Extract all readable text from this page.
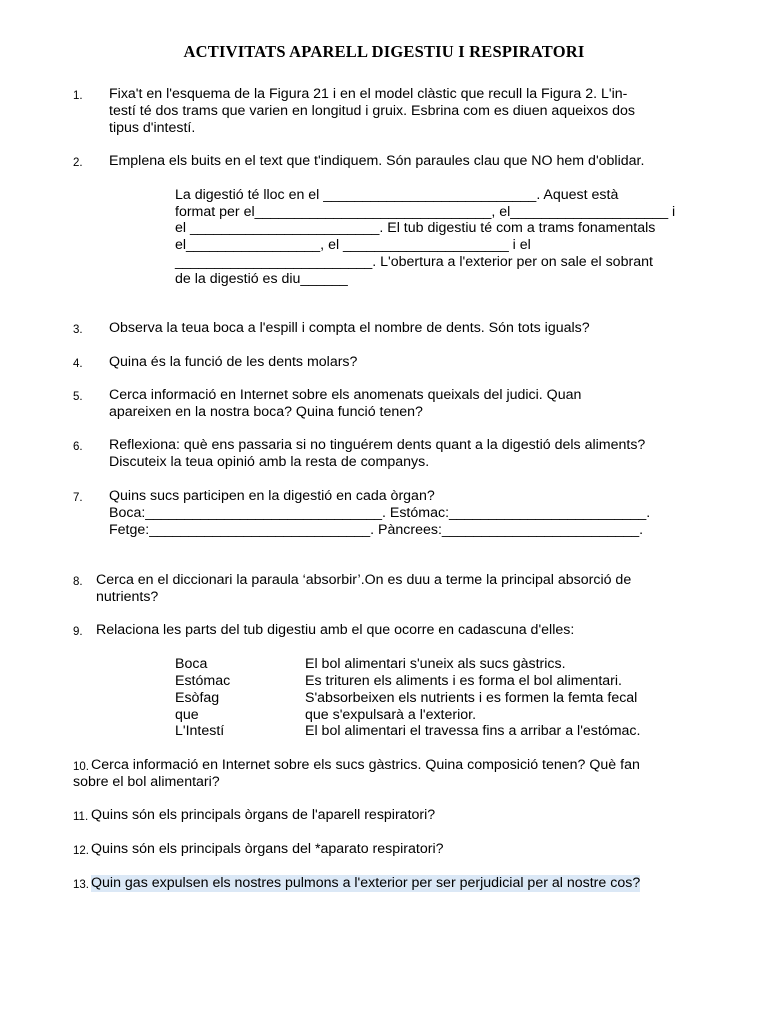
ACTIVITATS APARELL DIGESTIU I RESPIRATORI
1. Fixa't en l'esquema de la Figura 21 i en el model clàstic que recull la Figura 2. L'in-
testí té dos trams que varien en longitud i gruix. Esbrina com es diuen aqueixos dos
tipus d'intestí.
2. Emplena els buits en el text que t'indiquem. Són paraules clau que NO hem d'oblidar.
La digestió té lloc en el ___________________________. Aquest està
format per el______________________________, el____________________ i
el ________________________. El tub digestiu té com a trams fonamentals
el_________________, el _____________________ i el
_________________________. L'obertura a l'exterior per on sale el sobrant
de la digestió es diu______
3. Observa la teua boca a l'espill i compta el nombre de dents. Són tots iguals?
4. Quina és la funció de les dents molars?
5. Cerca informació en Internet sobre els anomenats queixals del judici. Quan
apareixen en la nostra boca? Quina funció tenen?
6. Reflexiona: què ens passaria si no tinguérem dents quant a la digestió dels aliments?
Discuteix la teua opinió amb la resta de companys.
7. Quins sucs participen en la digestió en cada òrgan?
Boca:______________________________. Estómac:_________________________.
Fetge:____________________________. Pàncrees:_________________________.
8. Cerca en el diccionari la paraula ‘absorbir’.On es duu a terme la principal absorció de
nutrients?
9. Relaciona les parts del tub digestiu amb el que ocorre en cadascuna d'elles:
Boca
Estómac
Esòfag
que
L'Intestí
El bol alimentari s'uneix als sucs gàstrics.
Es trituren els aliments i es forma el bol alimentari.
S'absorbeixen els nutrients i es formen la femta fecal
que s'expulsarà a l'exterior.
El bol alimentari el travessa fins a arribar a l'estómac.
10. Cerca informació en Internet sobre els sucs gàstrics. Quina composició tenen? Què fan
sobre el bol alimentari?
11. Quins són els principals òrgans de l'aparell respiratori?
12. Quins són els principals òrgans del *aparato respiratori?
13. Quin gas expulsen els nostres pulmons a l'exterior per ser perjudicial per al nostre cos?
